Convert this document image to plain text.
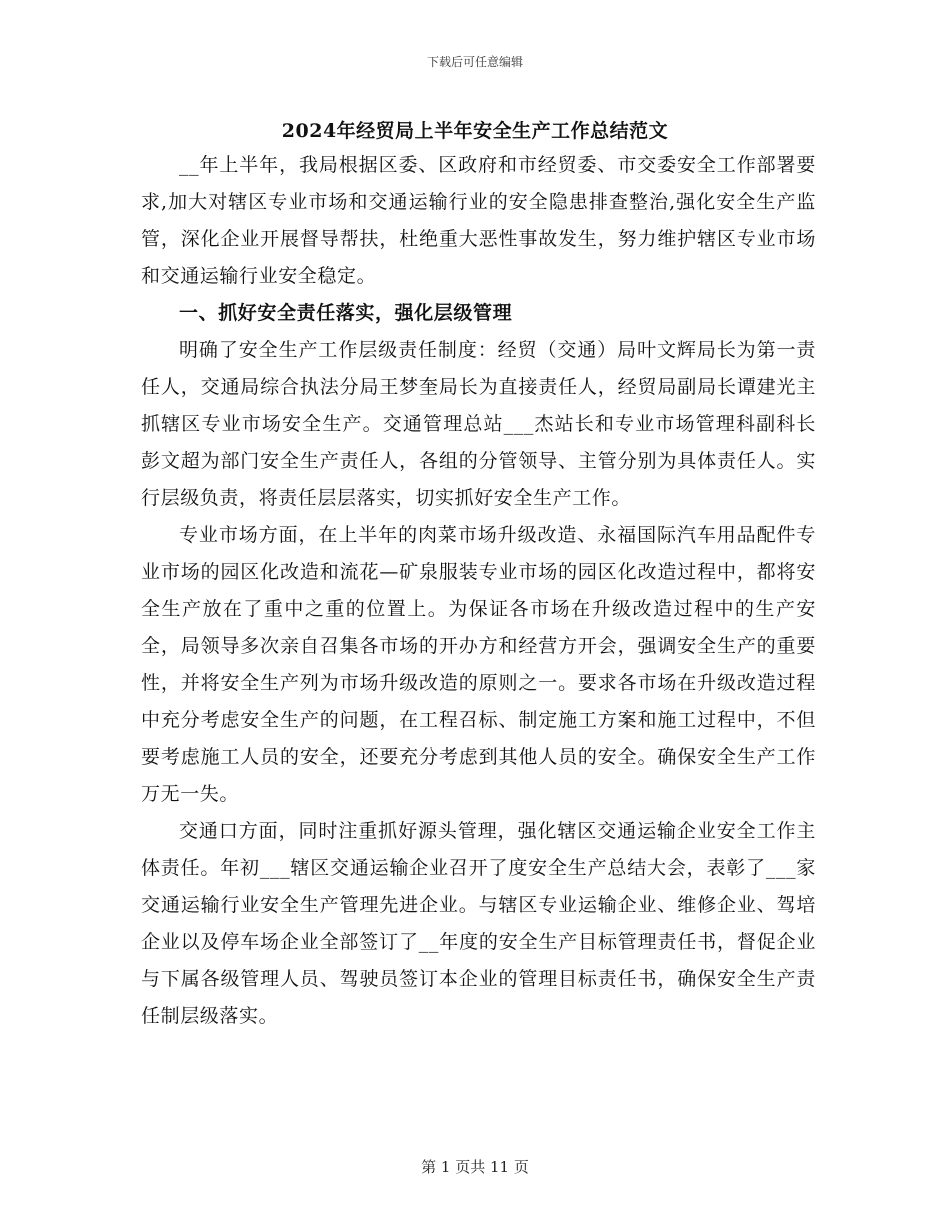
下载后可任意编辑
2024年经贸局上半年安全生产工作总结范文

__年上半年，我局根据区委、区政府和市经贸委、市交委安全工作部署要求,加大对辖区专业市场和交通运输行业的安全隐患排查整治,强化安全生产监管，深化企业开展督导帮扶，杜绝重大恶性事故发生，努力维护辖区专业市场和交通运输行业安全稳定。

一、抓好安全责任落实，强化层级管理

明确了安全生产工作层级责任制度：经贸（交通）局叶文辉局长为第一责任人，交通局综合执法分局王梦奎局长为直接责任人，经贸局副局长谭建光主抓辖区专业市场安全生产。交通管理总站___杰站长和专业市场管理科副科长彭文超为部门安全生产责任人，各组的分管领导、主管分别为具体责任人。实行层级负责，将责任层层落实，切实抓好安全生产工作。

专业市场方面，在上半年的肉菜市场升级改造、永福国际汽车用品配件专业市场的园区化改造和流花—矿泉服装专业市场的园区化改造过程中，都将安全生产放在了重中之重的位置上。为保证各市场在升级改造过程中的生产安全，局领导多次亲自召集各市场的开办方和经营方开会，强调安全生产的重要性，并将安全生产列为市场升级改造的原则之一。要求各市场在升级改造过程中充分考虑安全生产的问题，在工程召标、制定施工方案和施工过程中，不但要考虑施工人员的安全，还要充分考虑到其他人员的安全。确保安全生产工作万无一失。

交通口方面，同时注重抓好源头管理，强化辖区交通运输企业安全工作主体责任。年初___辖区交通运输企业召开了度安全生产总结大会，表彰了___家交通运输行业安全生产管理先进企业。与辖区专业运输企业、维修企业、驾培企业以及停车场企业全部签订了__年度的安全生产目标管理责任书，督促企业与下属各级管理人员、驾驶员签订本企业的管理目标责任书，确保安全生产责任制层级落实。

第 1 页共 11 页
